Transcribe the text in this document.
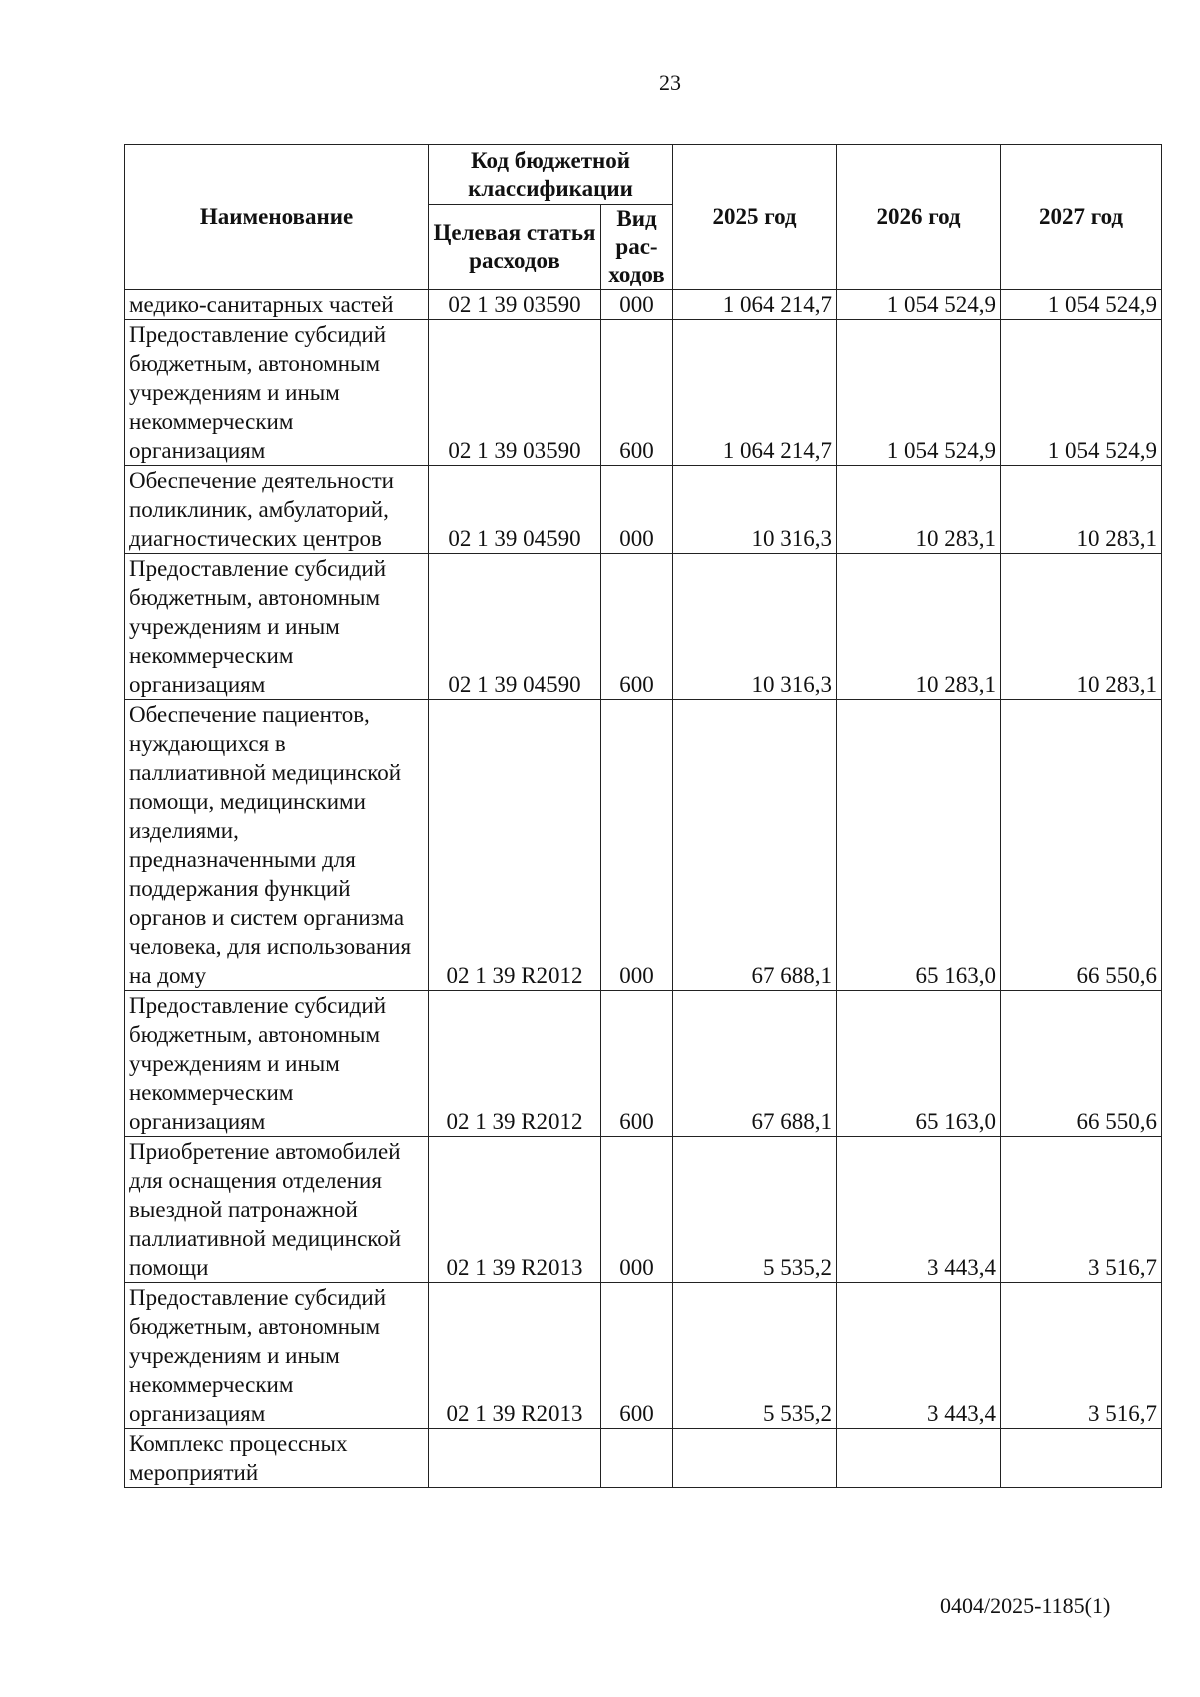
23
Наименование	Код бюджетной классификации		2025 год	2026 год	2027 год
	Целевая статья расходов	Вид рас-ходов			
медико-санитарных частей	02 1 39 03590	000	1 064 214,7	1 054 524,9	1 054 524,9
Предоставление субсидий бюджетным, автономным учреждениям и иным некоммерческим организациям	02 1 39 03590	600	1 064 214,7	1 054 524,9	1 054 524,9
Обеспечение деятельности поликлиник, амбулаторий, диагностических центров	02 1 39 04590	000	10 316,3	10 283,1	10 283,1
Предоставление субсидий бюджетным, автономным учреждениям и иным некоммерческим организациям	02 1 39 04590	600	10 316,3	10 283,1	10 283,1
Обеспечение пациентов, нуждающихся в паллиативной медицинской помощи, медицинскими изделиями, предназначенными для поддержания функций органов и систем организма человека, для использования на дому	02 1 39 R2012	000	67 688,1	65 163,0	66 550,6
Предоставление субсидий бюджетным, автономным учреждениям и иным некоммерческим организациям	02 1 39 R2012	600	67 688,1	65 163,0	66 550,6
Приобретение автомобилей для оснащения отделения выездной патронажной паллиативной медицинской помощи	02 1 39 R2013	000	5 535,2	3 443,4	3 516,7
Предоставление субсидий бюджетным, автономным учреждениям и иным некоммерческим организациям	02 1 39 R2013	600	5 535,2	3 443,4	3 516,7
Комплекс процессных мероприятий					
0404/2025-1185(1)
